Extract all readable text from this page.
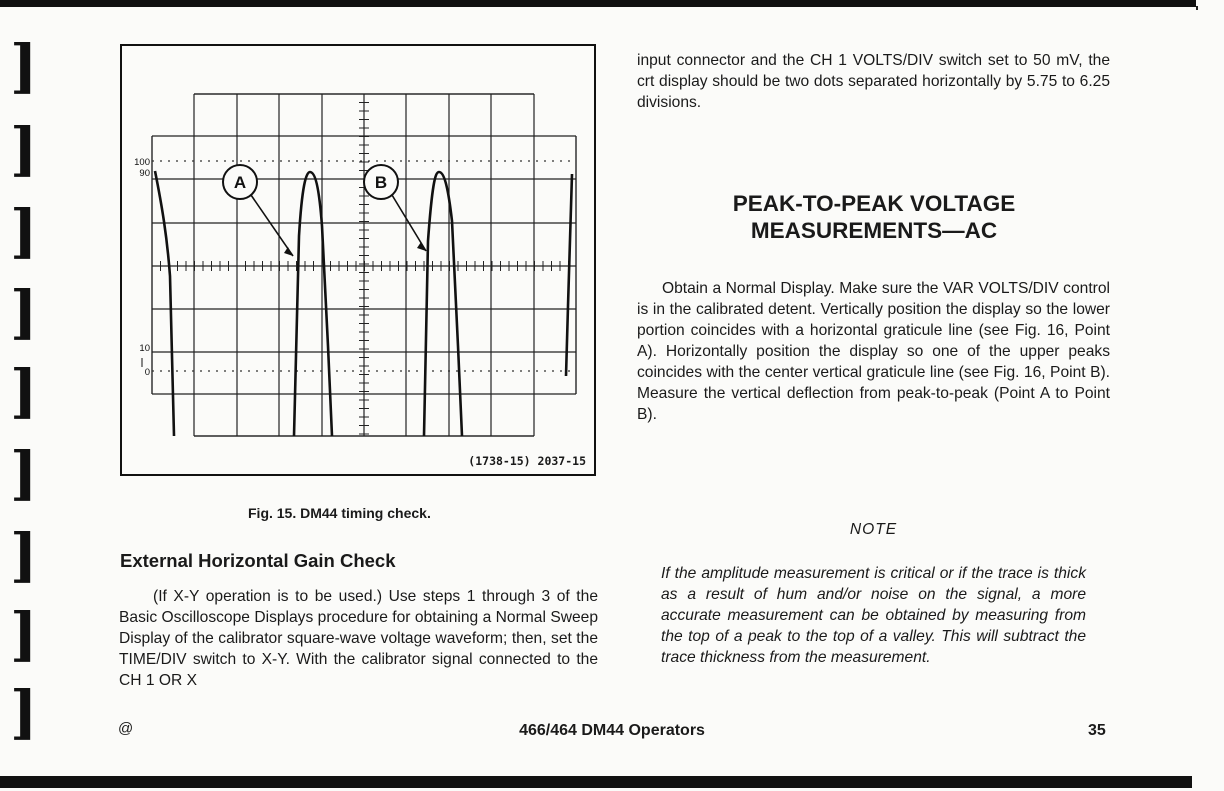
]
]
]
]
]
]
]
]
]
A	B
100
90
10
0
(1738-15) 2037-15
Fig. 15. DM44 timing check.
External Horizontal Gain Check

(If X-Y operation is to be used.) Use steps 1 through 3 of the Basic Oscilloscope Displays procedure for obtaining a Normal Sweep Display of the calibrator square-wave voltage waveform; then, set the TIME/DIV switch to X-Y. With the calibrator signal connected to the CH 1 OR X

input connector and the CH 1 VOLTS/DIV switch set to 50 mV, the crt display should be two dots separated horizontally by 5.75 to 6.25 divisions.

PEAK-TO-PEAK VOLTAGE
MEASUREMENTS—AC

Obtain a Normal Display. Make sure the VAR VOLTS/DIV control is in the calibrated detent. Vertically position the display so the lower portion coincides with a horizontal graticule line (see Fig. 16, Point A). Horizontally position the display so one of the upper peaks coincides with the center vertical graticule line (see Fig. 16, Point B). Measure the vertical deflection from peak-to-peak (Point A to Point B).

NOTE

If the amplitude measurement is critical or if the trace is thick as a result of hum and/or noise on the signal, a more accurate measurement can be obtained by measuring from the top of a peak to the top of a valley. This will subtract the trace thickness from the measurement.

@	466/464 DM44 Operators	35
